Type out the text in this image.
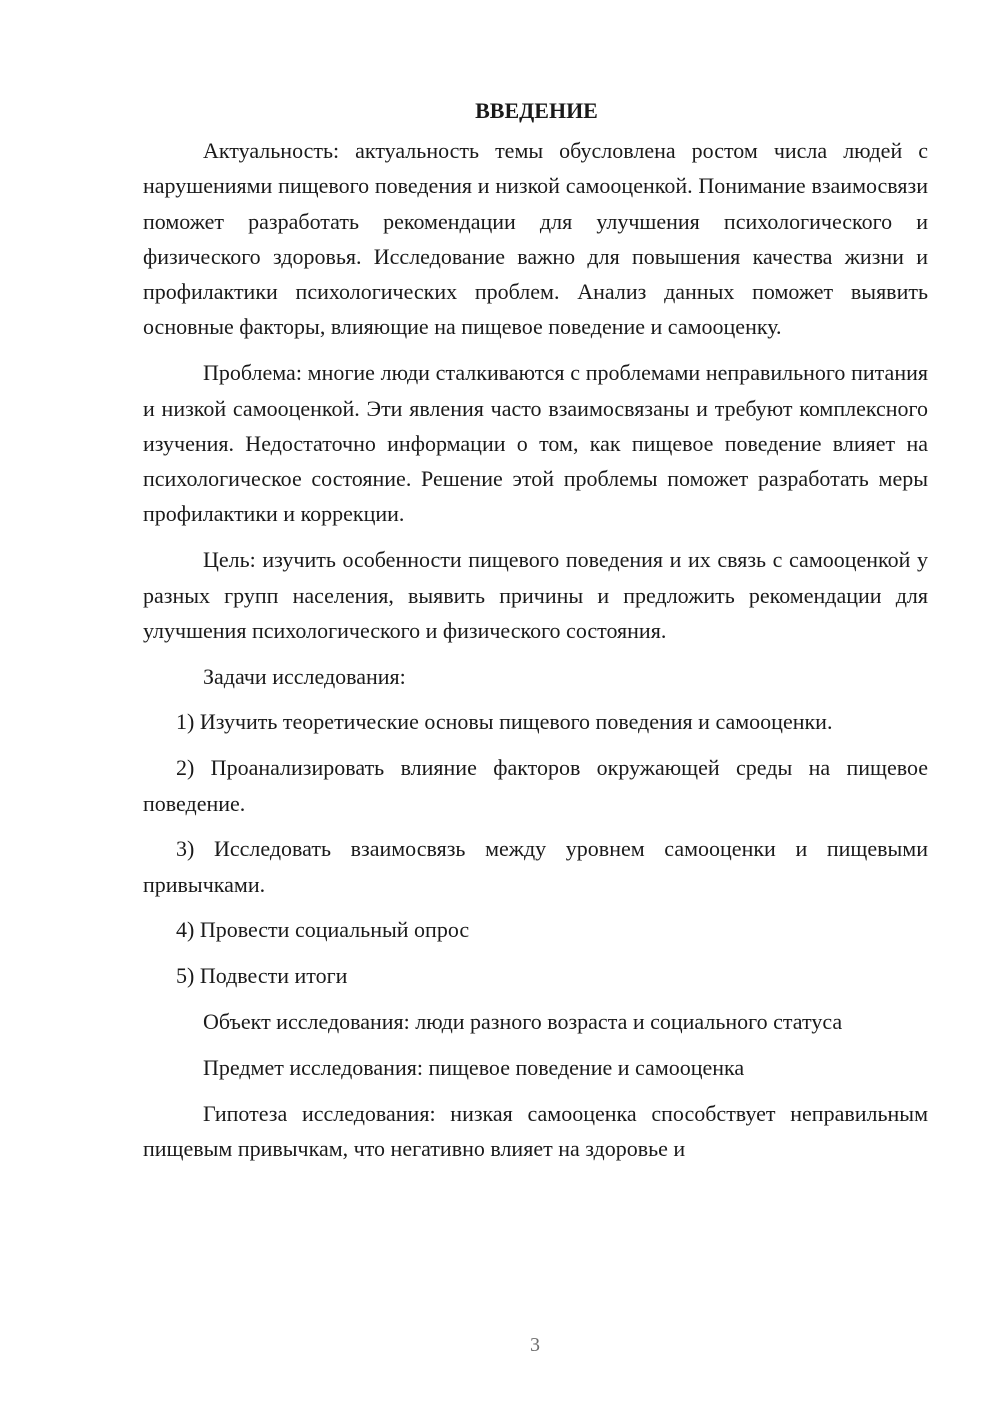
ВВЕДЕНИЕ

Актуальность: актуальность темы обусловлена ростом числа людей с нарушениями пищевого поведения и низкой самооценкой. Понимание взаимосвязи поможет разработать рекомендации для улучшения психологического и физического здоровья. Исследование важно для повышения качества жизни и профилактики психологических проблем. Анализ данных поможет выявить основные факторы, влияющие на пищевое поведение и самооценку.

Проблема: многие люди сталкиваются с проблемами неправильного питания и низкой самооценкой. Эти явления часто взаимосвязаны и требуют комплексного изучения. Недостаточно информации о том, как пищевое поведение влияет на психологическое состояние. Решение этой проблемы поможет разработать меры профилактики и коррекции.

Цель: изучить особенности пищевого поведения и их связь с самооценкой у разных групп населения, выявить причины и предложить рекомендации для улучшения психологического и физического состояния.

Задачи исследования:

1) Изучить теоретические основы пищевого поведения и самооценки.

2) Проанализировать влияние факторов окружающей среды на пищевое поведение.

3) Исследовать взаимосвязь между уровнем самооценки и пищевыми привычками.

4) Провести социальный опрос

5) Подвести итоги

Объект исследования: люди разного возраста и социального статуса

Предмет исследования: пищевое поведение и самооценка

Гипотеза исследования: низкая самооценка способствует неправильным пищевым привычкам, что негативно влияет на здоровье и

3
